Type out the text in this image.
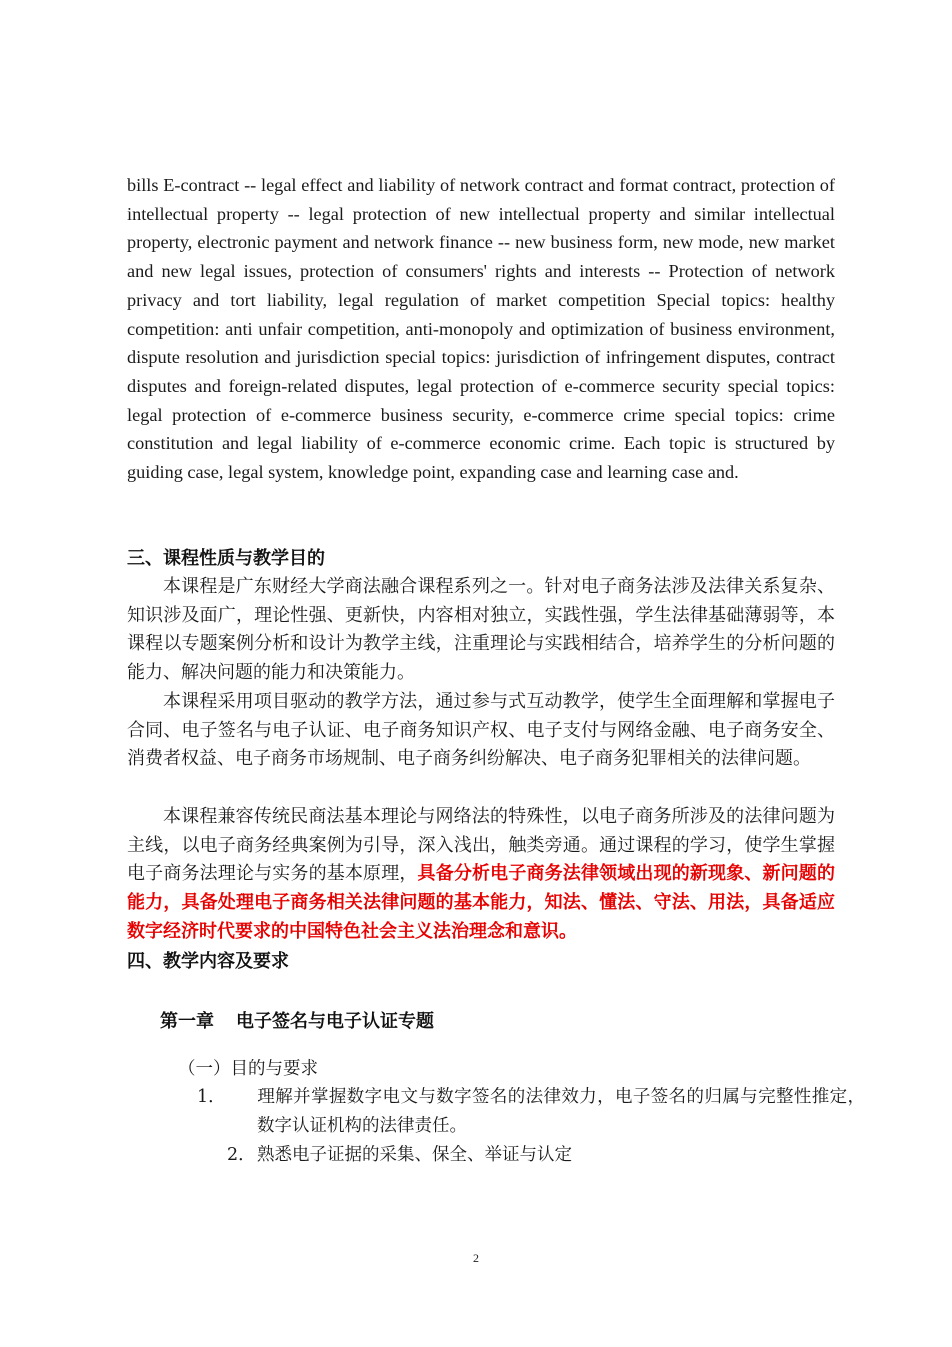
bills E-contract -- legal effect and liability of network contract and format contract, protection of intellectual property -- legal protection of new intellectual property and similar intellectual property, electronic payment and network finance -- new business form, new mode, new market and new legal issues, protection of consumers' rights and interests -- Protection of network privacy and tort liability, legal regulation of market competition Special topics: healthy competition: anti unfair competition, anti-monopoly and optimization of business environment, dispute resolution and jurisdiction special topics: jurisdiction of infringement disputes, contract disputes and foreign-related disputes, legal protection of e-commerce security special topics: legal protection of e-commerce business security, e-commerce crime special topics: crime constitution and legal liability of e-commerce economic crime. Each topic is structured by guiding case, legal system, knowledge point, expanding case and learning case and.

三、课程性质与教学目的

本课程是广东财经大学商法融合课程系列之一。针对电子商务法涉及法律关系复杂、知识涉及面广，理论性强、更新快，内容相对独立，实践性强，学生法律基础薄弱等，本课程以专题案例分析和设计为教学主线，注重理论与实践相结合，培养学生的分析问题的能力、解决问题的能力和决策能力。

本课程采用项目驱动的教学方法，通过参与式互动教学，使学生全面理解和掌握电子合同、电子签名与电子认证、电子商务知识产权、电子支付与网络金融、电子商务安全、消费者权益、电子商务市场规制、电子商务纠纷解决、电子商务犯罪相关的法律问题。

本课程兼容传统民商法基本理论与网络法的特殊性，以电子商务所涉及的法律问题为主线，以电子商务经典案例为引导，深入浅出，触类旁通。通过课程的学习，使学生掌握电子商务法理论与实务的基本原理，具备分析电子商务法律领域出现的新现象、新问题的能力，具备处理电子商务相关法律问题的基本能力，知法、懂法、守法、用法，具备适应数字经济时代要求的中国特色社会主义法治理念和意识。

四、教学内容及要求
第一章 电子签名与电子认证专题
（一）目的与要求
1． 理解并掌握数字电文与数字签名的法律效力，电子签名的归属与完整性推定，数字认证机构的法律责任。
2．熟悉电子证据的采集、保全、举证与认定
2
